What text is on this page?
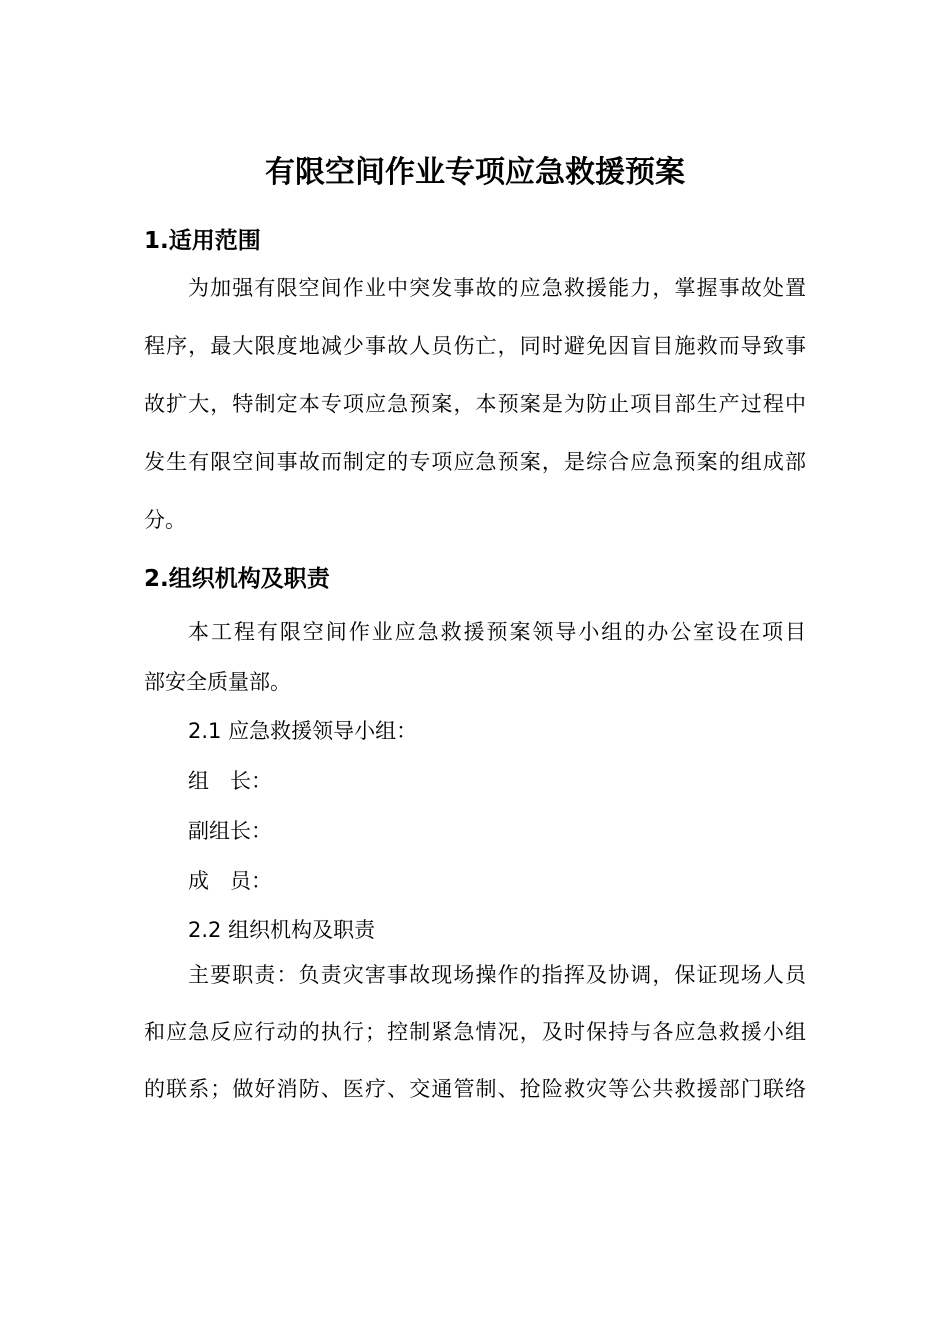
有限空间作业专项应急救援预案
1.适用范围
为加强有限空间作业中突发事故的应急救援能力，掌握事故处置
程序，最大限度地减少事故人员伤亡，同时避免因盲目施救而导致事
故扩大，特制定本专项应急预案，本预案是为防止项目部生产过程中
发生有限空间事故而制定的专项应急预案，是综合应急预案的组成部
分。
2.组织机构及职责
本工程有限空间作业应急救援预案领导小组的办公室设在项目
部安全质量部。
2.1 应急救援领导小组：
组　长：
副组长：
成　员：
2.2 组织机构及职责
主要职责：负责灾害事故现场操作的指挥及协调，保证现场人员
和应急反应行动的执行；控制紧急情况，及时保持与各应急救援小组
的联系；做好消防、医疗、交通管制、抢险救灾等公共救援部门联络
